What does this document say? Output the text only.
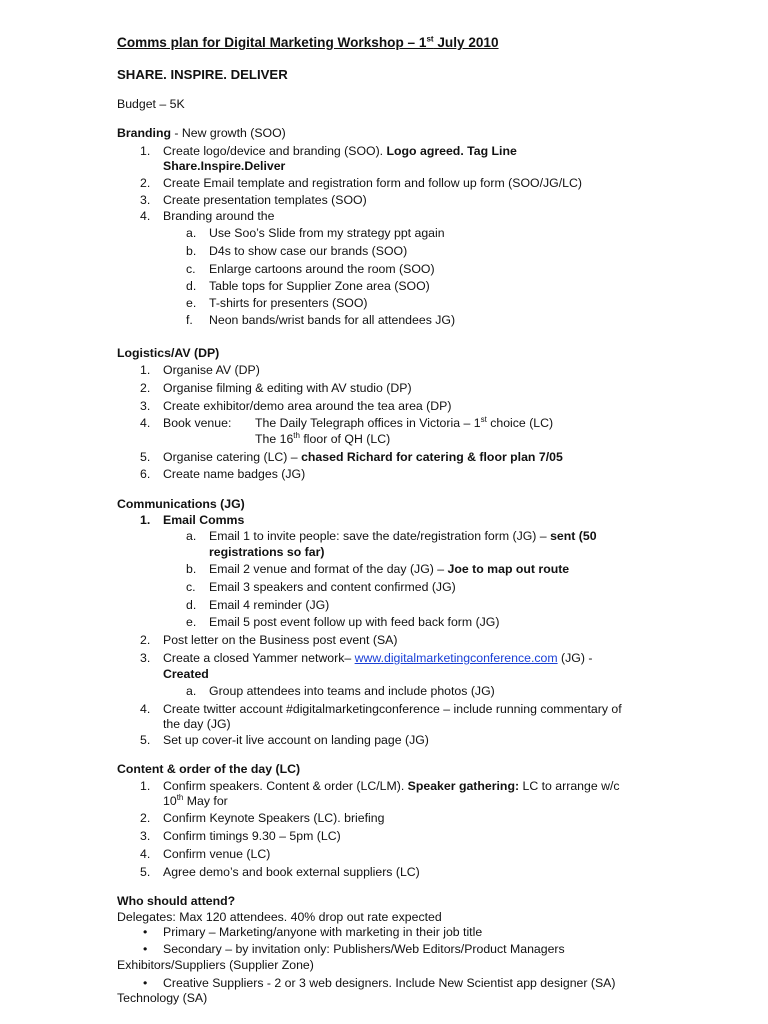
Comms plan for Digital Marketing Workshop – 1st July 2010
SHARE. INSPIRE. DELIVER
Budget – 5K
Branding - New growth (SOO)
1. Create logo/device and branding (SOO). Logo agreed. Tag Line
Share.Inspire.Deliver
2. Create Email template and registration form and follow up form (SOO/JG/LC)
3. Create presentation templates (SOO)
4. Branding around the
a. Use Soo’s Slide from my strategy ppt again
b. D4s to show case our brands (SOO)
c. Enlarge cartoons around the room (SOO)
d. Table tops for Supplier Zone area (SOO)
e. T-shirts for presenters (SOO)
f. Neon bands/wrist bands for all attendees JG)
Logistics/AV (DP)
1. Organise AV (DP)
2. Organise filming & editing with AV studio (DP)
3. Create exhibitor/demo area around the tea area (DP)
4. Book venue: The Daily Telegraph offices in Victoria – 1st choice (LC)
The 16th floor of QH (LC)
5. Organise catering (LC) – chased Richard for catering & floor plan 7/05
6. Create name badges (JG)
Communications (JG)
1. Email Comms
a. Email 1 to invite people: save the date/registration form (JG) – sent (50
registrations so far)
b. Email 2 venue and format of the day (JG) – Joe to map out route
c. Email 3 speakers and content confirmed (JG)
d. Email 4 reminder (JG)
e. Email 5 post event follow up with feed back form (JG)
2. Post letter on the Business post event (SA)
3. Create a closed Yammer network– www.digitalmarketingconference.com (JG) -
Created
a. Group attendees into teams and include photos (JG)
4. Create twitter account #digitalmarketingconference – include running commentary of
the day (JG)
5. Set up cover-it live account on landing page (JG)
Content & order of the day (LC)
1. Confirm speakers. Content & order (LC/LM). Speaker gathering: LC to arrange w/c
10th May for
2. Confirm Keynote Speakers (LC). briefing
3. Confirm timings 9.30 – 5pm (LC)
4. Confirm venue (LC)
5. Agree demo’s and book external suppliers (LC)
Who should attend?
Delegates: Max 120 attendees. 40% drop out rate expected
• Primary – Marketing/anyone with marketing in their job title
• Secondary – by invitation only: Publishers/Web Editors/Product Managers
Exhibitors/Suppliers (Supplier Zone)
• Creative Suppliers - 2 or 3 web designers. Include New Scientist app designer (SA)
Technology (SA)
